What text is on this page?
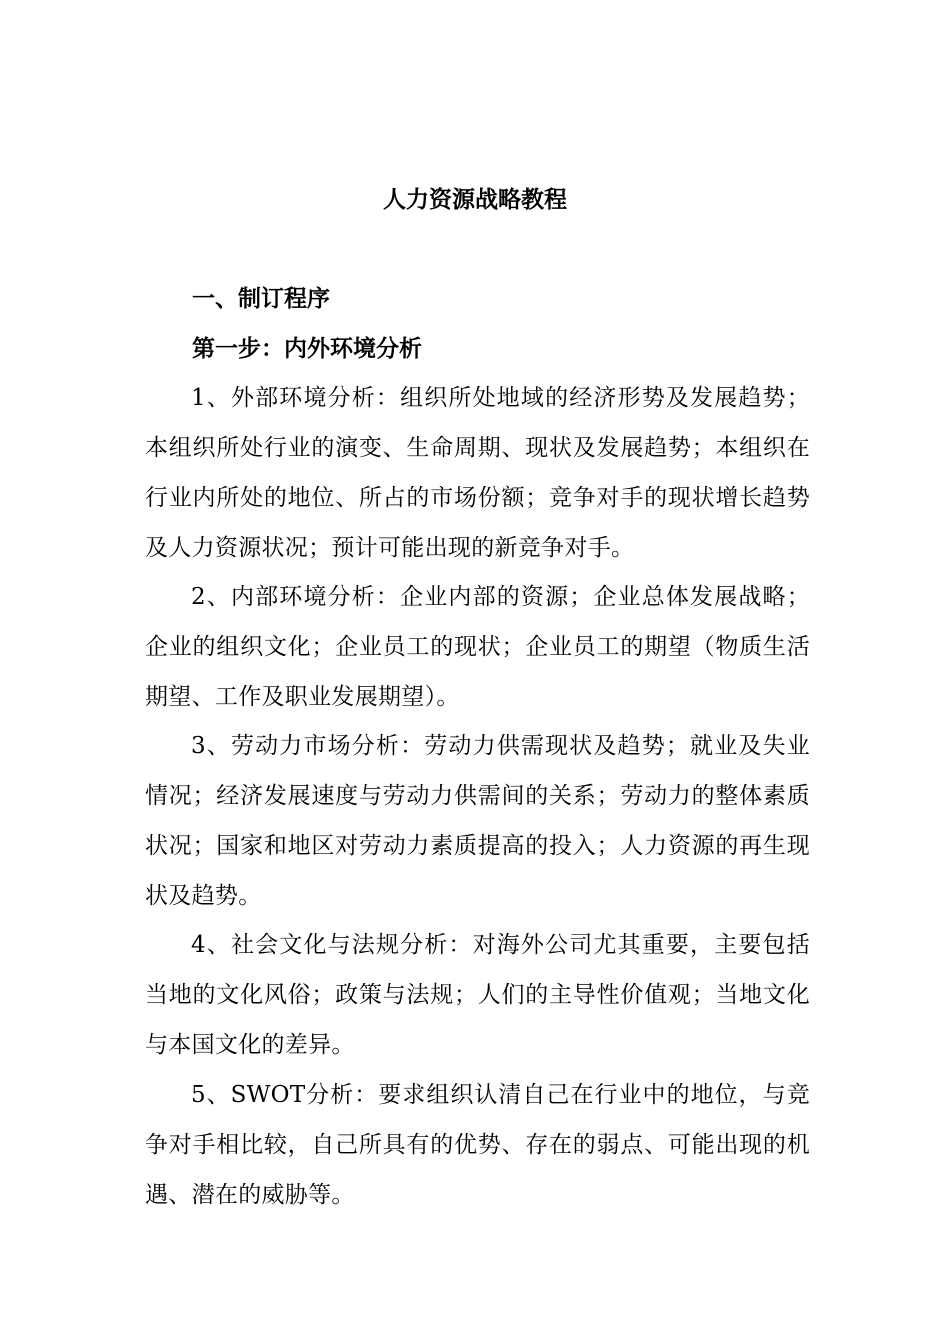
人力资源战略教程
一、制订程序
第一步：内外环境分析

1、外部环境分析：组织所处地域的经济形势及发展趋势；本组织所处行业的演变、生命周期、现状及发展趋势；本组织在行业内所处的地位、所占的市场份额；竞争对手的现状增长趋势及人力资源状况；预计可能出现的新竞争对手。

2、内部环境分析：企业内部的资源；企业总体发展战略；企业的组织文化；企业员工的现状；企业员工的期望（物质生活期望、工作及职业发展期望）。

3、劳动力市场分析：劳动力供需现状及趋势；就业及失业情况；经济发展速度与劳动力供需间的关系；劳动力的整体素质状况；国家和地区对劳动力素质提高的投入；人力资源的再生现状及趋势。

4、社会文化与法规分析：对海外公司尤其重要，主要包括当地的文化风俗；政策与法规；人们的主导性价值观；当地文化与本国文化的差异。

5、SWOT分析：要求组织认清自己在行业中的地位，与竞争对手相比较，自己所具有的优势、存在的弱点、可能出现的机遇、潜在的威胁等。
